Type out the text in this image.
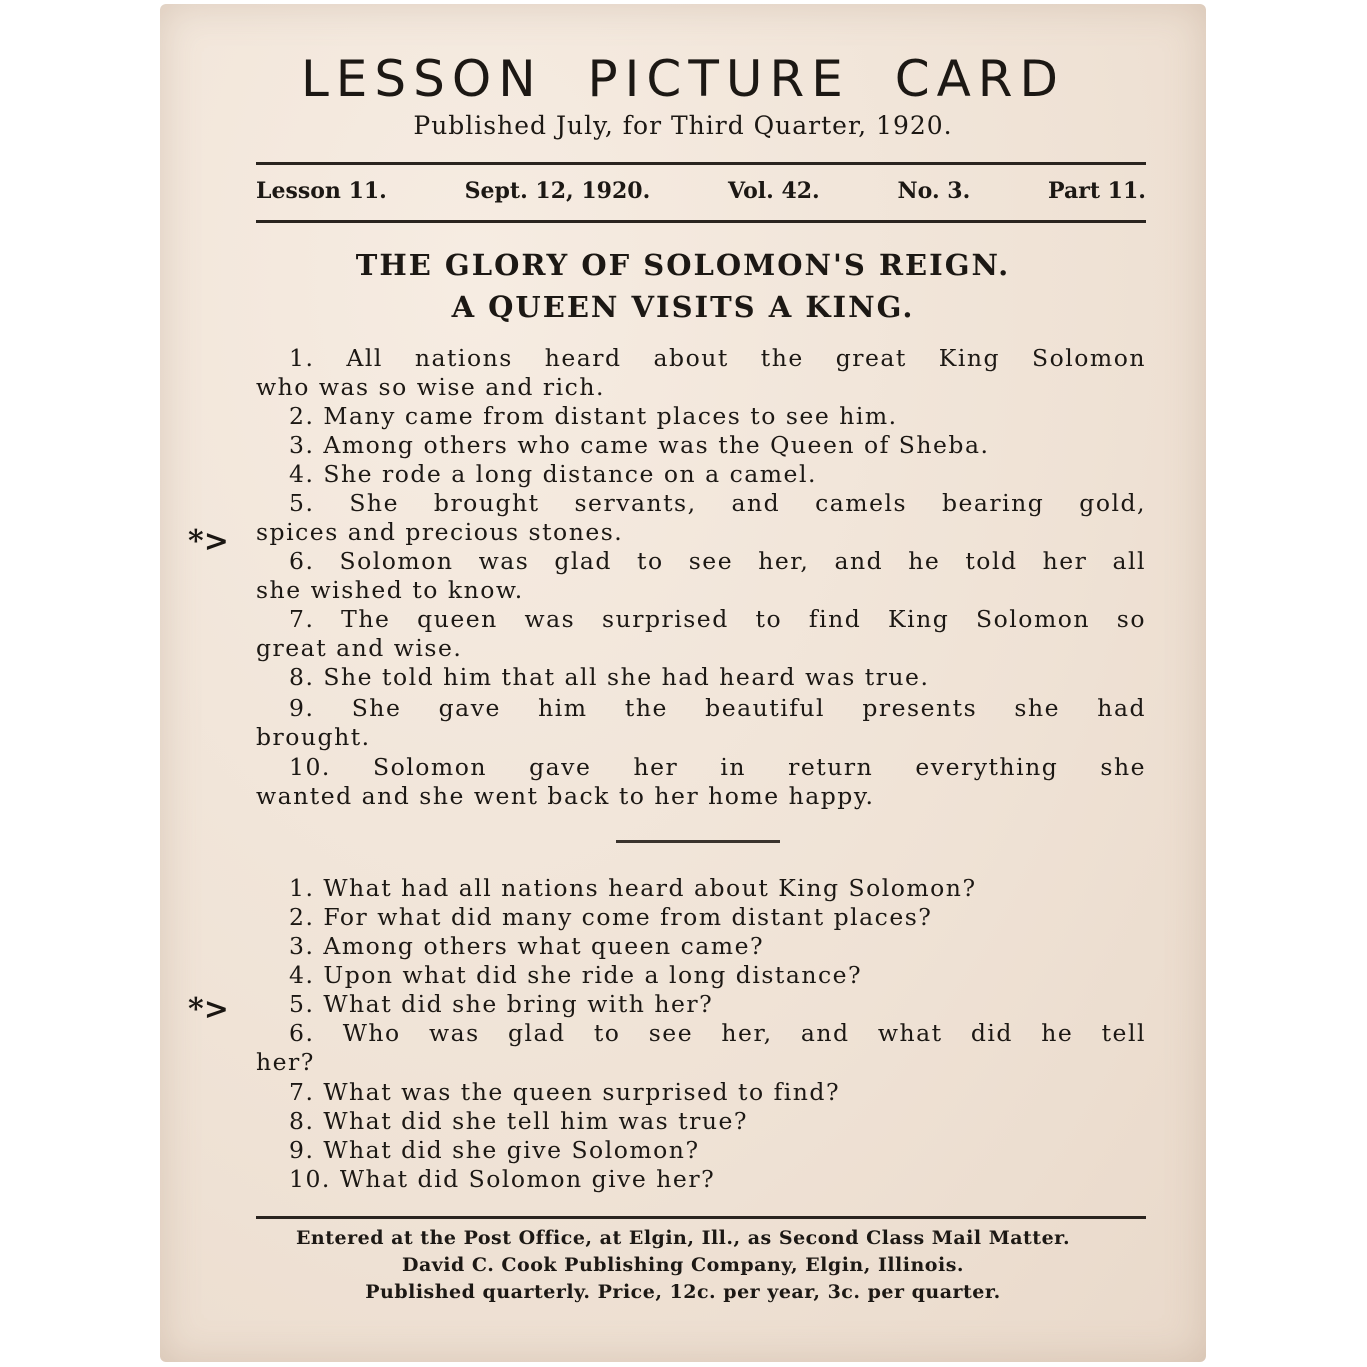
LESSON PICTURE CARD
Published July, for Third Quarter, 1920.
Lesson 11.	Sept. 12, 1920.	Vol. 42.	No. 3.	Part 11.
THE GLORY OF SOLOMON'S REIGN.
A QUEEN VISITS A KING.
1. All nations heard about the great King Solomon
who was so wise and rich.
2. Many came from distant places to see him.
3. Among others who came was the Queen of Sheba.
4. She rode a long distance on a camel.
5. She brought servants, and camels bearing gold,
spices and precious stones.
6. Solomon was glad to see her, and he told her all
she wished to know.
7. The queen was surprised to find King Solomon so
great and wise.
8. She told him that all she had heard was true.
9. She gave him the beautiful presents she had
brought.
10. Solomon gave her in return everything she
wanted and she went back to her home happy.
1. What had all nations heard about King Solomon?
2. For what did many come from distant places?
3. Among others what queen came?
4. Upon what did she ride a long distance?
5. What did she bring with her?
6. Who was glad to see her, and what did he tell
her?
7. What was the queen surprised to find?
8. What did she tell him was true?
9. What did she give Solomon?
10. What did Solomon give her?
*>
*>
Entered at the Post Office, at Elgin, Ill., as Second Class Mail Matter.
David C. Cook Publishing Company, Elgin, Illinois.
Published quarterly. Price, 12c. per year, 3c. per quarter.
